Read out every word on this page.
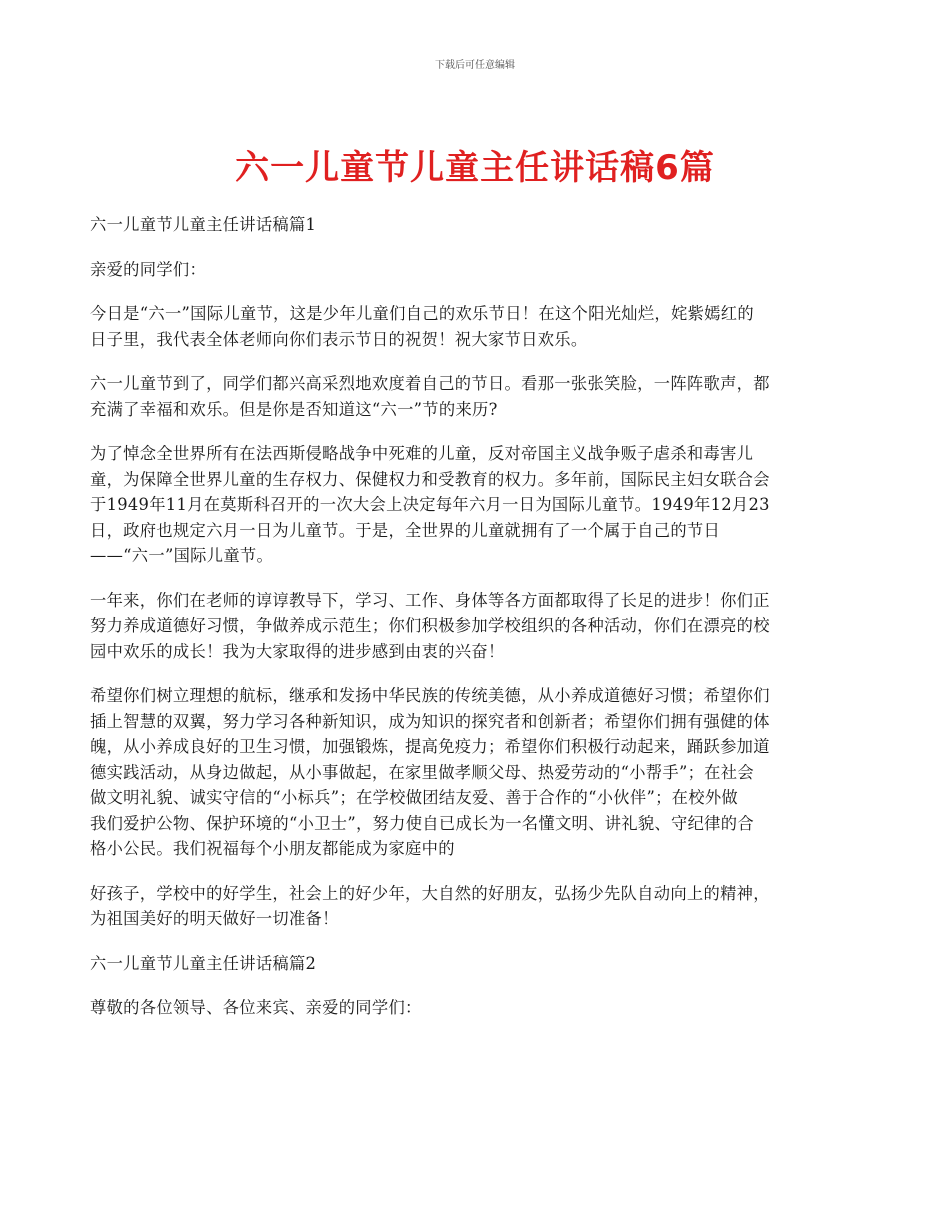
下载后可任意编辑
六一儿童节儿童主任讲话稿6篇

六一儿童节儿童主任讲话稿篇1

亲爱的同学们：

今日是“六一”国际儿童节，这是少年儿童们自己的欢乐节日！在这个阳光灿烂，姹紫嫣红的
日子里，我代表全体老师向你们表示节日的祝贺！祝大家节日欢乐。

六一儿童节到了，同学们都兴高采烈地欢度着自己的节日。看那一张张笑脸，一阵阵歌声，都
充满了幸福和欢乐。但是你是否知道这“六一”节的来历?

为了悼念全世界所有在法西斯侵略战争中死难的儿童，反对帝国主义战争贩子虐杀和毒害儿
童，为保障全世界儿童的生存权力、保健权力和受教育的权力。多年前，国际民主妇女联合会
于1949年11月在莫斯科召开的一次大会上决定每年六月一日为国际儿童节。1949年12月23
日，政府也规定六月一日为儿童节。于是，全世界的儿童就拥有了一个属于自己的节日
——“六一”国际儿童节。

一年来，你们在老师的谆谆教导下，学习、工作、身体等各方面都取得了长足的进步！你们正
努力养成道德好习惯，争做养成示范生；你们积极参加学校组织的各种活动，你们在漂亮的校
园中欢乐的成长！我为大家取得的进步感到由衷的兴奋！

希望你们树立理想的航标，继承和发扬中华民族的传统美德，从小养成道德好习惯；希望你们
插上智慧的双翼，努力学习各种新知识，成为知识的探究者和创新者；希望你们拥有强健的体
魄，从小养成良好的卫生习惯，加强锻炼，提高免疫力；希望你们积极行动起来，踊跃参加道
德实践活动，从身边做起，从小事做起，在家里做孝顺父母、热爱劳动的“小帮手”；在社会
做文明礼貌、诚实守信的“小标兵”；在学校做团结友爱、善于合作的“小伙伴”；在校外做
我们爱护公物、保护环境的“小卫士”，努力使自已成长为一名懂文明、讲礼貌、守纪律的合
格小公民。我们祝福每个小朋友都能成为家庭中的

好孩子，学校中的好学生，社会上的好少年，大自然的好朋友，弘扬少先队自动向上的精神，
为祖国美好的明天做好一切准备！

六一儿童节儿童主任讲话稿篇2

尊敬的各位领导、各位来宾、亲爱的同学们：
